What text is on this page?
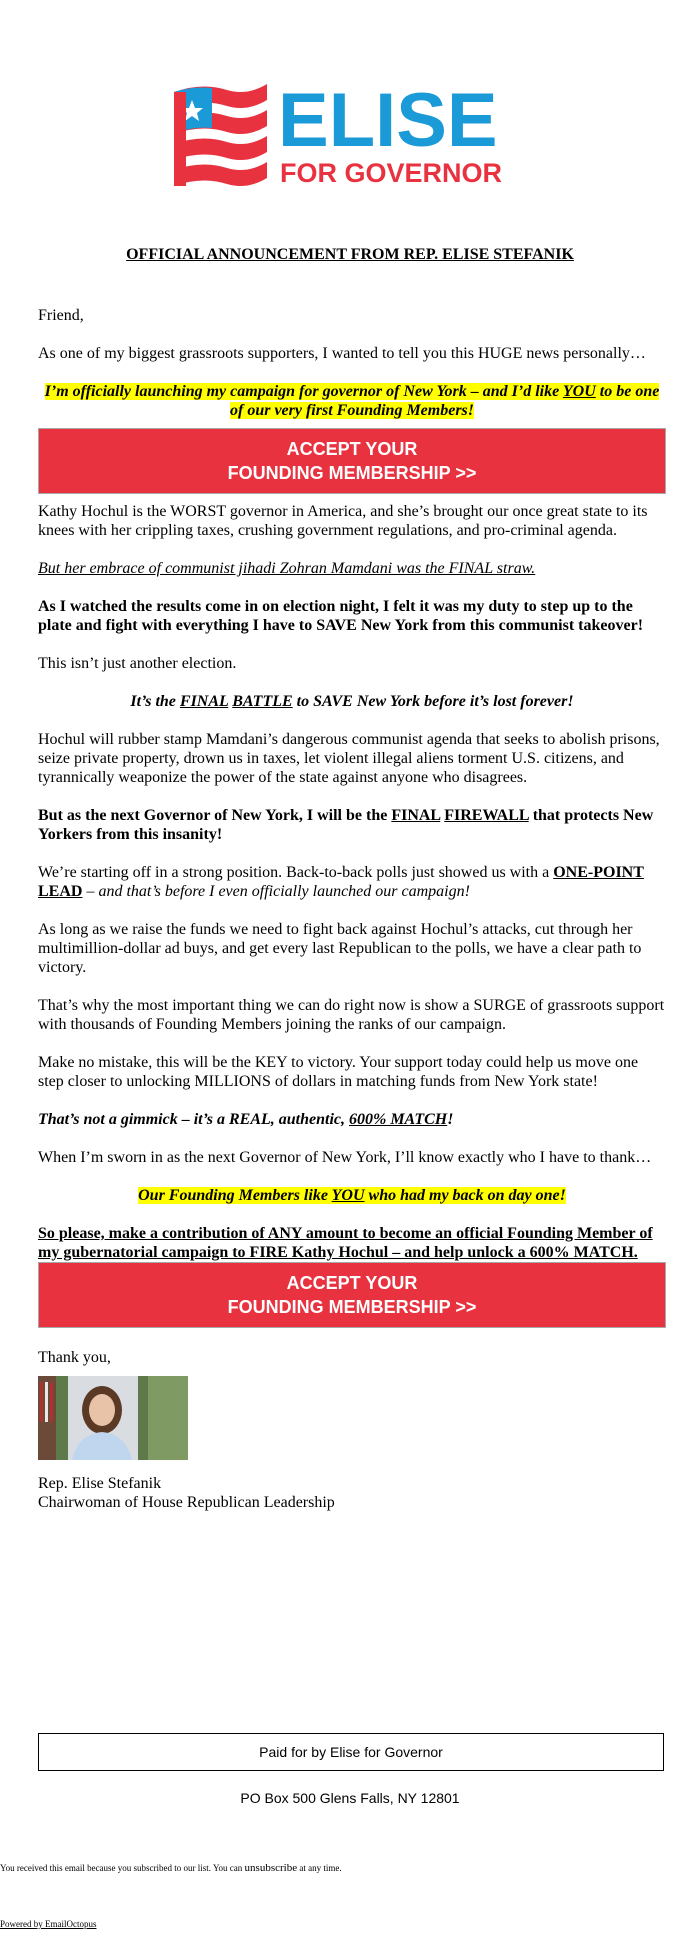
ELISE
FOR GOVERNOR
OFFICIAL ANNOUNCEMENT FROM REP. ELISE STEFANIK

Friend,

As one of my biggest grassroots supporters, I wanted to tell you this HUGE news personally…

I’m officially launching my campaign for governor of New York – and I’d like YOU to be one of our very first Founding Members!

ACCEPT YOUR
FOUNDING MEMBERSHIP >>

Kathy Hochul is the WORST governor in America, and she’s brought our once great state to its knees with her crippling taxes, crushing government regulations, and pro-criminal agenda.

But her embrace of communist jihadi Zohran Mamdani was the FINAL straw.

As I watched the results come in on election night, I felt it was my duty to step up to the plate and fight with everything I have to SAVE New York from this communist takeover!

This isn’t just another election.

It’s the FINAL BATTLE to SAVE New York before it’s lost forever!

Hochul will rubber stamp Mamdani’s dangerous communist agenda that seeks to abolish prisons, seize private property, drown us in taxes, let violent illegal aliens torment U.S. citizens, and tyrannically weaponize the power of the state against anyone who disagrees.

But as the next Governor of New York, I will be the FINAL FIREWALL that protects New Yorkers from this insanity!

We’re starting off in a strong position. Back-to-back polls just showed us with a ONE-POINT LEAD – and that’s before I even officially launched our campaign!

As long as we raise the funds we need to fight back against Hochul’s attacks, cut through her multimillion-dollar ad buys, and get every last Republican to the polls, we have a clear path to victory.

That’s why the most important thing we can do right now is show a SURGE of grassroots support with thousands of Founding Members joining the ranks of our campaign.

Make no mistake, this will be the KEY to victory. Your support today could help us move one step closer to unlocking MILLIONS of dollars in matching funds from New York state!

That’s not a gimmick – it’s a REAL, authentic, 600% MATCH!

When I’m sworn in as the next Governor of New York, I’ll know exactly who I have to thank…

Our Founding Members like YOU who had my back on day one!

So please, make a contribution of ANY amount to become an official Founding Member of my gubernatorial campaign to FIRE Kathy Hochul – and help unlock a 600% MATCH.

ACCEPT YOUR
FOUNDING MEMBERSHIP >>

Thank you,

Rep. Elise Stefanik

Chairwoman of House Republican Leadership

Paid for by Elise for Governor
PO Box 500 Glens Falls, NY 12801
You received this email because you subscribed to our list. You can unsubscribe at any time.
Powered by EmailOctopus
